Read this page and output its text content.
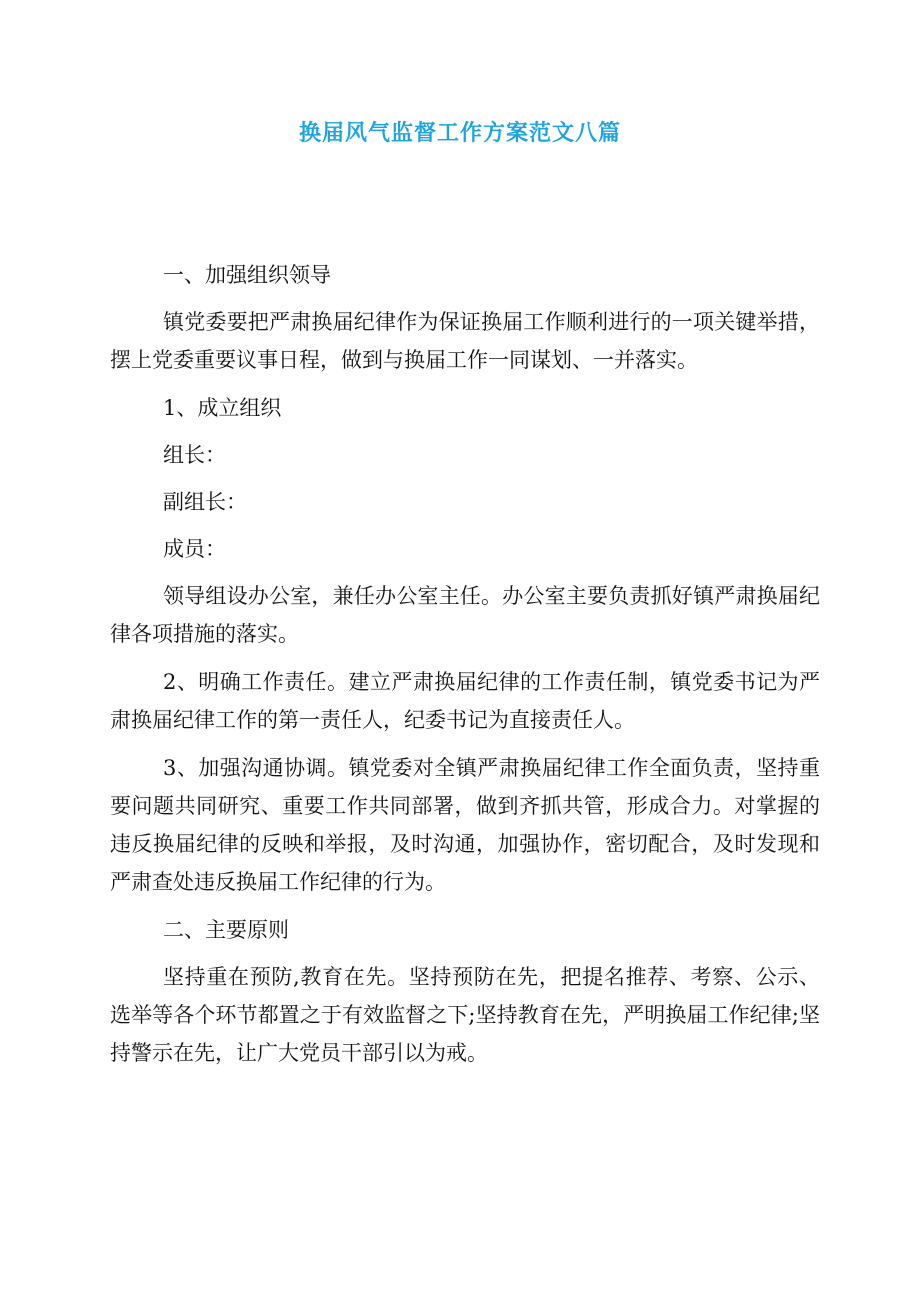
换届风气监督工作方案范文八篇

一、加强组织领导

镇党委要把严肃换届纪律作为保证换届工作顺利进行的一项关键举措，摆上党委重要议事日程，做到与换届工作一同谋划、一并落实。

1、成立组织

组长：

副组长：

成员：

领导组设办公室，兼任办公室主任。办公室主要负责抓好镇严肃换届纪律各项措施的落实。

2、明确工作责任。建立严肃换届纪律的工作责任制，镇党委书记为严肃换届纪律工作的第一责任人，纪委书记为直接责任人。

3、加强沟通协调。镇党委对全镇严肃换届纪律工作全面负责，坚持重要问题共同研究、重要工作共同部署，做到齐抓共管，形成合力。对掌握的违反换届纪律的反映和举报，及时沟通，加强协作，密切配合，及时发现和严肃查处违反换届工作纪律的行为。

二、主要原则

坚持重在预防,教育在先。坚持预防在先，把提名推荐、考察、公示、选举等各个环节都置之于有效监督之下;坚持教育在先，严明换届工作纪律;坚持警示在先，让广大党员干部引以为戒。
